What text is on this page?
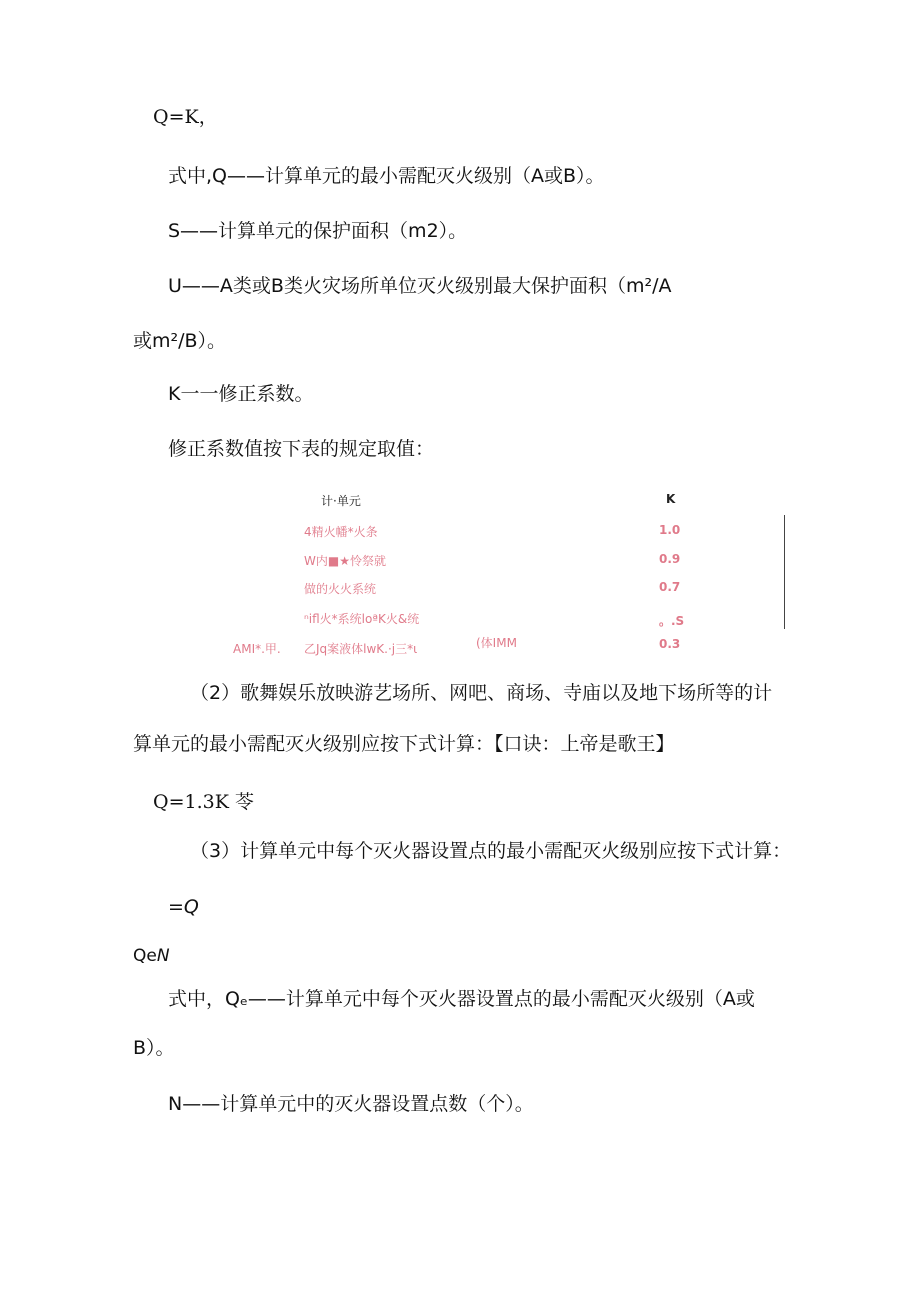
Q=K，
式中,Q——计算单元的最小需配灭火级别（A或B）。
S——计算单元的保护面积（m2）。
U——A类或B类火灾场所单位灭火级别最大保护面积（m²∕A
或m²∕B）。
K一一修正系数。
修正系数值按下表的规定取值：
计·单元	K
4精火幡*火条	1.0
W内■★怜祭就	0.9
做的火火系统	0.7
ⁿifl火*系统loªK火&统	。.S
AMI*.甲. 乙Jq案液体lwK.·j三*ι	(体IMM	0.3
（2）歌舞娱乐放映游艺场所、网吧、商场、寺庙以及地下场所等的计
算单元的最小需配灭火级别应按下式计算：【口诀：上帝是歌王】
Q=1.3K 苓
（3）计算单元中每个灭火器设置点的最小需配灭火级别应按下式计算：
=Q
QeN
式中，Qₑ——计算单元中每个灭火器设置点的最小需配灭火级别（A或
B）。
N——计算单元中的灭火器设置点数（个）。
